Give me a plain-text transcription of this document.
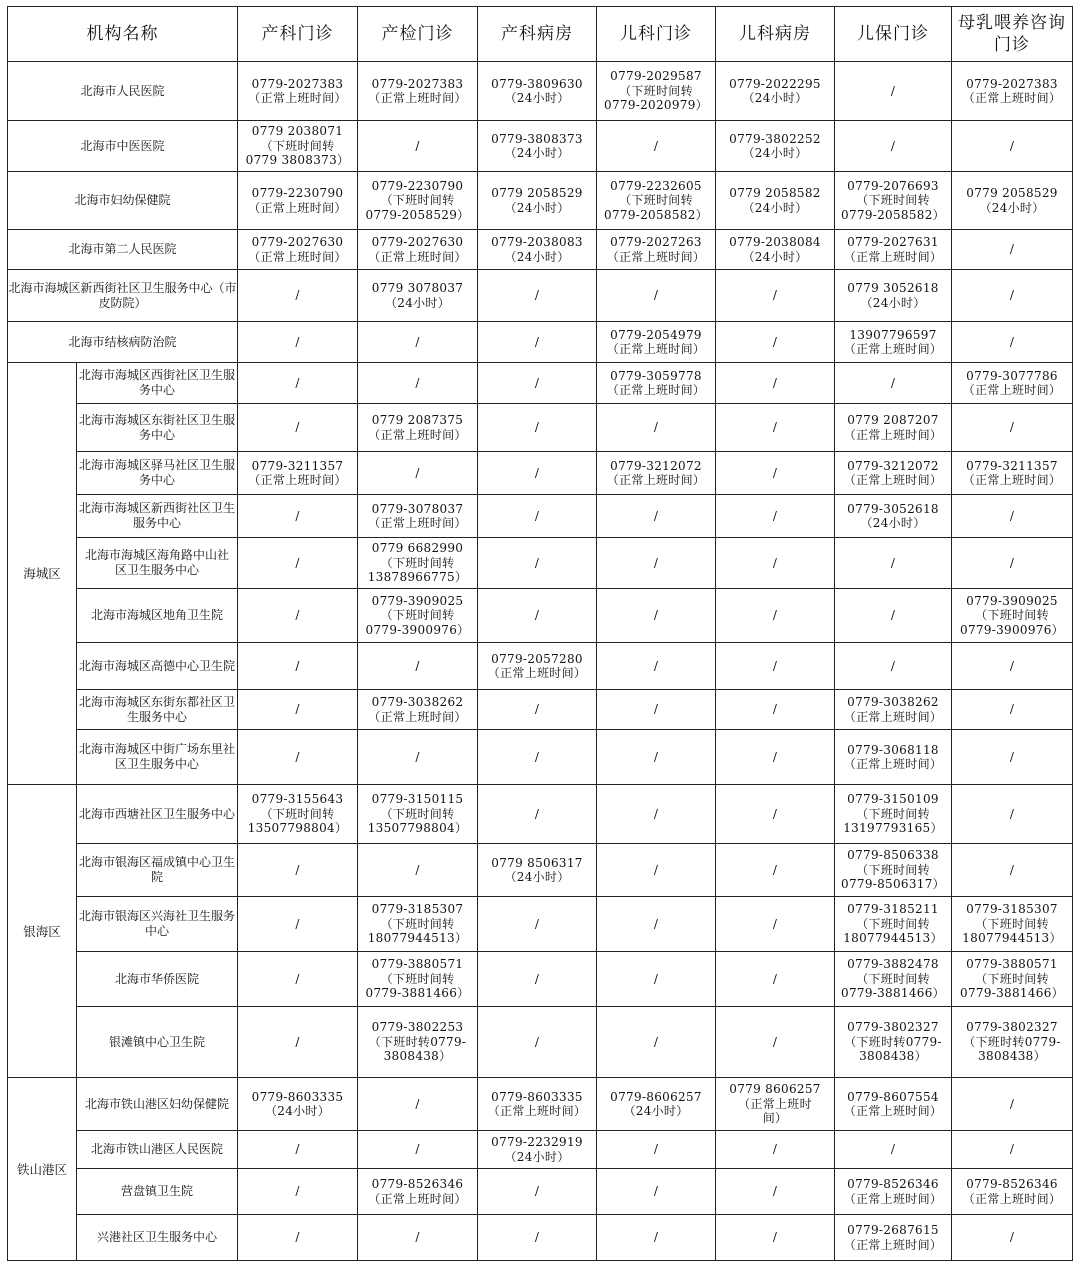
机构名称		产科门诊	产检门诊	产科病房	儿科门诊	儿科病房	儿保门诊	母乳喂养咨询
门诊
北海市人民医院		0779-2027383
（正常上班时间）	0779-2027383
（正常上班时间）	0779-3809630
（24小时）	0779-2029587
（下班时间转
0779-2020979）	0779-2022295
（24小时）	/	0779-2027383
（正常上班时间）
北海市中医医院		0779 2038071
（下班时间转
0779 3808373）	/	0779-3808373
（24小时）	/	0779-3802252
（24小时）	/	/
北海市妇幼保健院		0779-2230790
（正常上班时间）	0779-2230790
（下班时间转
0779-2058529）	0779 2058529
（24小时）	0779-2232605
（下班时间转
0779-2058582）	0779 2058582
（24小时）	0779-2076693
（下班时间转
0779-2058582）	0779 2058529
（24小时）
北海市第二人民医院		0779-2027630
（正常上班时间）	0779-2027630
（正常上班时间）	0779-2038083
（24小时）	0779-2027263
（正常上班时间）	0779-2038084
（24小时）	0779-2027631
（正常上班时间）	/
北海市海城区新西街社区卫生服务中心（市皮防院）		/	0779 3078037
（24小时）	/	/	/	0779 3052618
（24小时）	/
北海市结核病防治院		/	/	/	0779-2054979
（正常上班时间）	/	13907796597
（正常上班时间）	/
海城区	北海市海城区西街社区卫生服务中心	/	/	/	0779-3059778
（正常上班时间）	/	/	0779-3077786
（正常上班时间）
	北海市海城区东街社区卫生服务中心	/	0779 2087375
（正常上班时间）	/	/	/	0779 2087207
（正常上班时间）	/
	北海市海城区驿马社区卫生服务中心	0779-3211357
（正常上班时间）	/	/	0779-3212072
（正常上班时间）	/	0779-3212072
（正常上班时间）	0779-3211357
（正常上班时间）
	北海市海城区新西街社区卫生服务中心	/	0779-3078037
（正常上班时间）	/	/	/	0779-3052618
（24小时）	/
	北海市海城区海角路中山社
区卫生服务中心	/	0779 6682990
（下班时间转
13878966775）	/	/	/	/	/
	北海市海城区地角卫生院	/	0779-3909025
（下班时间转
0779-3900976）	/	/	/	/	0779-3909025
（下班时间转
0779-3900976）
	北海市海城区高德中心卫生院	/	/	0779-2057280
（正常上班时间）	/	/	/	/
	北海市海城区东街东都社区卫生服务中心	/	0779-3038262
（正常上班时间）	/	/	/	0779-3038262
（正常上班时间）	/
	北海市海城区中街广场东里社区卫生服务中心	/	/	/	/	/	0779-3068118
（正常上班时间）	/
银海区	北海市西塘社区卫生服务中心	0779-3155643
（下班时间转
13507798804）	0779-3150115
（下班时间转
13507798804）	/	/	/	0779-3150109
（下班时间转
13197793165）	/
	北海市银海区福成镇中心卫生院	/	/	0779 8506317
（24小时）	/	/	0779-8506338
（下班时间转
0779-8506317）	/
	北海市银海区兴海社卫生服务中心	/	0779-3185307
（下班时间转
18077944513）	/	/	/	0779-3185211
（下班时间转
18077944513）	0779-3185307
（下班时间转
18077944513）
	北海市华侨医院	/	0779-3880571
（下班时间转
0779-3881466）	/	/	/	0779-3882478
（下班时间转
0779-3881466）	0779-3880571
（下班时间转
0779-3881466）
	银滩镇中心卫生院	/	0779-3802253
（下班时转0779-
3808438）	/	/	/	0779-3802327
（下班时转0779-
3808438）	0779-3802327
（下班时转0779-
3808438）
铁山港区	北海市铁山港区妇幼保健院	0779-8603335
（24小时）	/	0779-8603335
（正常上班时间）	0779-8606257
（24小时）	0779 8606257
（正常上班时
间）	0779-8607554
（正常上班时间）	/
	北海市铁山港区人民医院	/	/	0779-2232919
（24小时）	/	/	/	/
	营盘镇卫生院	/	0779-8526346
（正常上班时间）	/	/	/	0779-8526346
（正常上班时间）	0779-8526346
（正常上班时间）
	兴港社区卫生服务中心	/	/	/	/	/	0779-2687615
（正常上班时间）	/
